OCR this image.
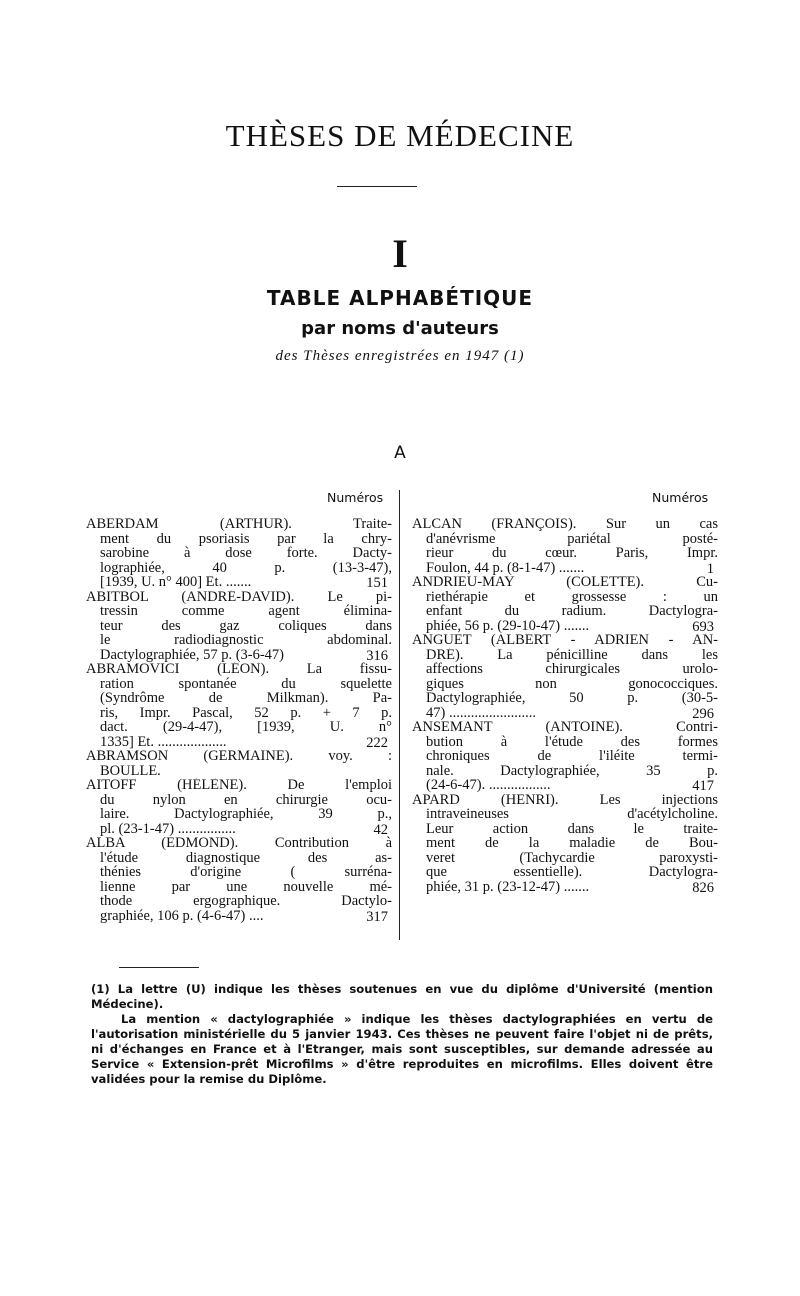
THÈSES DE MÉDECINE
I
TABLE ALPHABÉTIQUE
par noms d'auteurs
des Thèses enregistrées en 1947 (1)
A
Numéros	Numéros
ABERDAM (ARTHUR). Traite-
ment du psoriasis par la chry-
sarobine à dose forte. Dacty-
lographiée, 40 p. (13-3-47),
[1939, U. n° 400] Et. .......
ABITBOL (ANDRÉ-DAVID). Le pi-
tressin comme agent élimina-
teur des gaz coliques dans
le radiodiagnostic abdominal.
Dactylographiée, 57 p. (3-6-47)
ABRAMOVICI (LÉON). La fissu-
ration spontanée du squelette
(Syndrôme de Milkman). Pa-
ris, Impr. Pascal, 52 p. + 7 p.
dact. (29-4-47), [1939, U. n°
1335] Et. ...................
ABRAMSON (GERMAINE). voy. :
BOULLE.
AITOFF (HÉLÈNE). De l'emploi
du nylon en chirurgie ocu-
laire. Dactylographiée, 39 p.,
pl. (23-1-47) ................
ALBA (EDMOND). Contribution à
l'étude diagnostique des as-
thénies d'origine ( surréna-
lienne par une nouvelle mé-
thode ergographique. Dactylo-
graphiée, 106 p. (4-6-47) ....
151
316
222
42
317
ALCAN (FRANÇOIS). Sur un cas
d'anévrisme pariétal posté-
rieur du cœur. Paris, Impr.
Foulon, 44 p. (8-1-47) .......
ANDRIEU-MAY (COLETTE). Cu-
riethérapie et grossesse : un
enfant du radium. Dactylogra-
phiée, 56 p. (29-10-47) .......
ANGUET (ALBERT - ADRIEN - AN-
DRÉ). La pénicilline dans les
affections chirurgicales urolo-
giques non gonococciques.
Dactylographiée, 50 p. (30-5-
47) ........................
ANSEMANT (ANTOINE). Contri-
bution à l'étude des formes
chroniques de l'iléite termi-
nale. Dactylographiée, 35 p.
(24-6-47). .................
APARD (HENRI). Les injections
intraveineuses d'acétylcholine.
Leur action dans le traite-
ment de la maladie de Bou-
veret (Tachycardie paroxysti-
que essentielle). Dactylogra-
phiée, 31 p. (23-12-47) .......
1
693
296
417
826

(1) La lettre (U) indique les thèses soutenues en vue du diplôme d'Université (mention Médecine).

La mention « dactylographiée » indique les thèses dactylographiées en vertu de l'autorisation ministérielle du 5 janvier 1943. Ces thèses ne peuvent faire l'objet ni de prêts, ni d'échanges en France et à l'Etranger, mais sont susceptibles, sur demande adressée au Service « Extension-prêt Microfilms » d'être reproduites en microfilms. Elles doivent être validées pour la remise du Diplôme.
